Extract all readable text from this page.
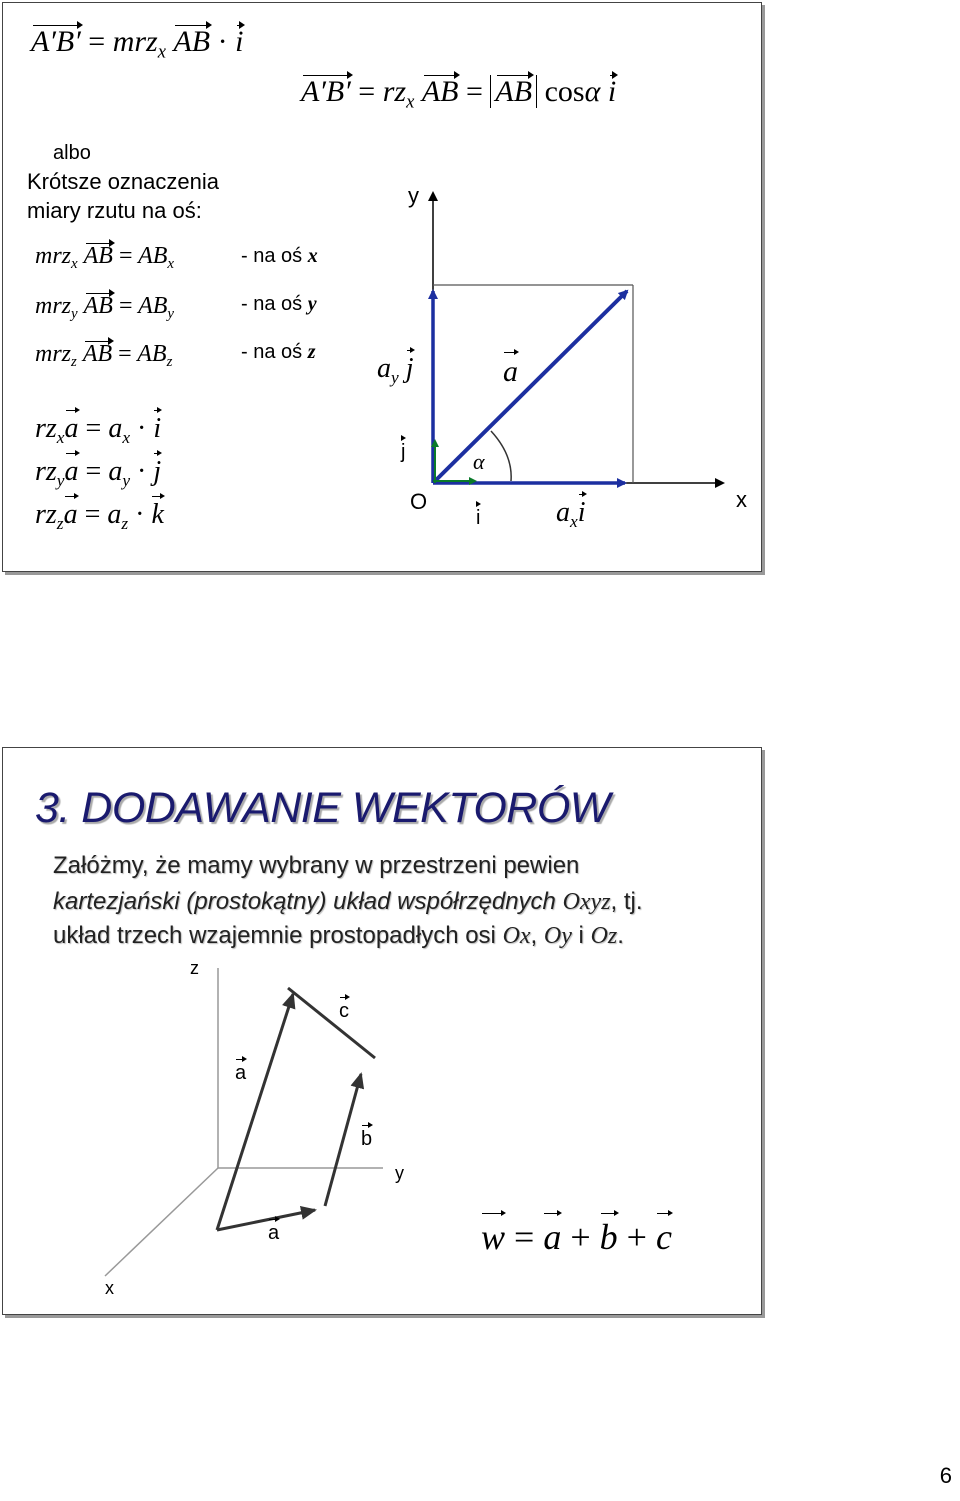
A′B′ = mrz$_x$ AB · i
$A'B' = rz_x$ AB = AB cosα i
albo
Krótsze oznaczenia
miary rzutu na oś:
mrz$_x$ AB = $AB_x$	- na oś x
mrz$_y$ AB = $AB_y$	- na oś y
mrz$_z$ AB = $AB_z$	- na oś z
$rz_xa = a_x \cdot i$
$rz_ya = a_y \cdot j$
$rz_za = a_z \cdot k$
y
x
O
i
j	α
$a_y$ j	a
$a_xi$
3. DODAWANIE WEKTORÓW
Załóżmy, że mamy wybrany w przestrzeni pewien
kartezjański (prostokątny) układ współrzędnych Oxyz, tj.
układ trzech wzajemnie prostopadłych osi Ox, Oy i Oz.
z
y
x
c
a
b
a	w = a + b + c
6
